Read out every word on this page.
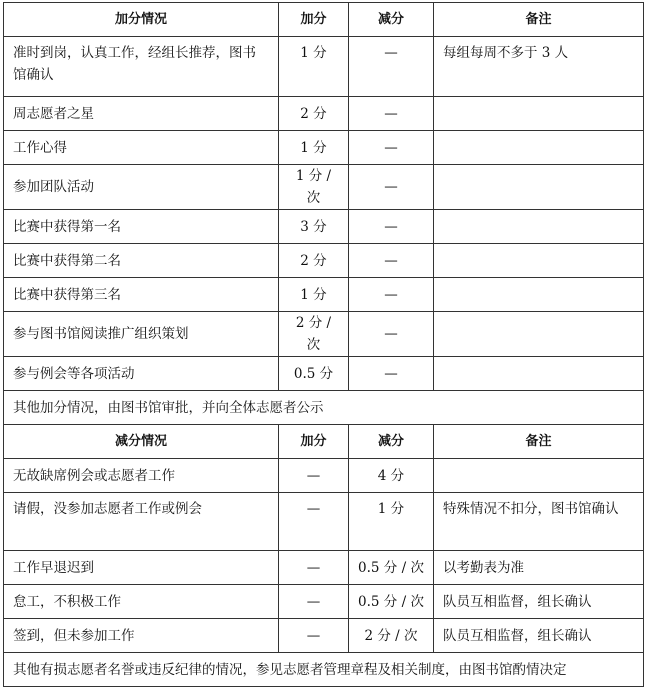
加分情况	加分	减分	备注
准时到岗，认真工作，经组长推荐，图书馆确认	1 分	—	每组每周不多于 3 人
周志愿者之星	2 分	—	
工作心得	1 分	—	
参加团队活动	1 分 / 次	—	
比赛中获得第一名	3 分	—	
比赛中获得第二名	2 分	—	
比赛中获得第三名	1 分	—	
参与图书馆阅读推广组织策划	2 分 / 次	—	
参与例会等各项活动	0.5 分	—	
其他加分情况，由图书馆审批，并向全体志愿者公示			
减分情况	加分	减分	备注
无故缺席例会或志愿者工作	—	4 分	
请假，没参加志愿者工作或例会	—	1 分	特殊情况不扣分，图书馆确认
工作早退迟到	—	0.5 分 / 次	以考勤表为准
怠工，不积极工作	—	0.5 分 / 次	队员互相监督，组长确认
签到，但未参加工作	—	2 分 / 次	队员互相监督，组长确认
其他有损志愿者名誉或违反纪律的情况，参见志愿者管理章程及相关制度，由图书馆酌情决定			
